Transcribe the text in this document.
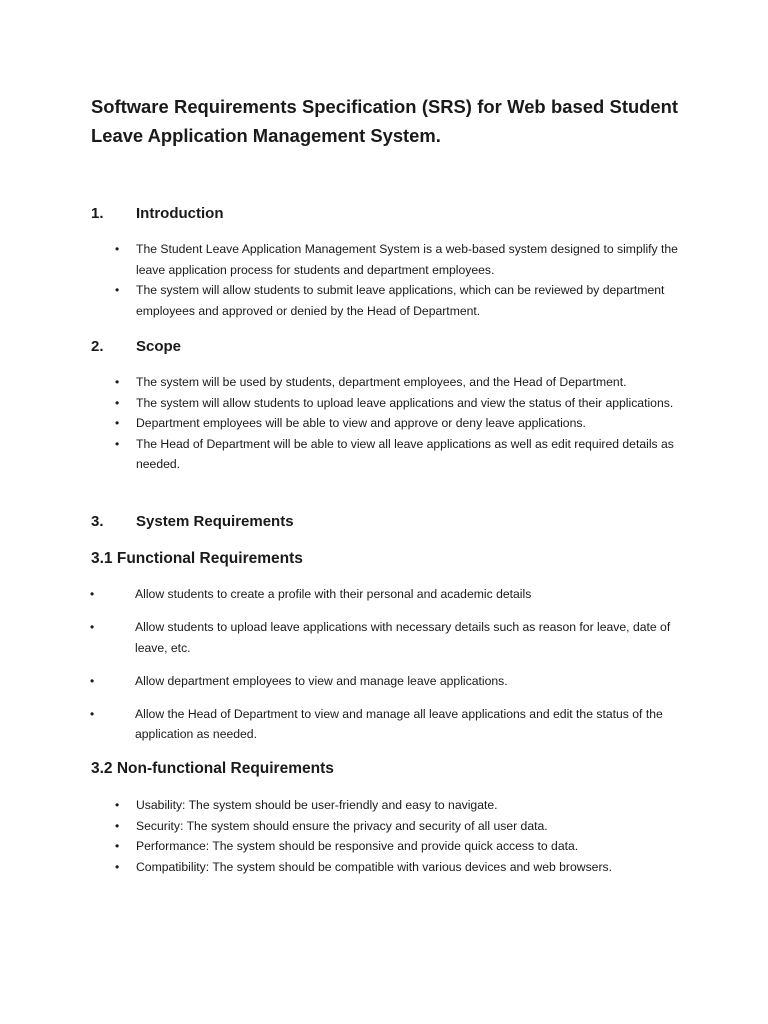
Software Requirements Specification (SRS) for Web based Student Leave Application Management System.
1. Introduction
• The Student Leave Application Management System is a web-based system designed to simplify the leave application process for students and department employees.
• The system will allow students to submit leave applications, which can be reviewed by department employees and approved or denied by the Head of Department.
2. Scope
• The system will be used by students, department employees, and the Head of Department.
• The system will allow students to upload leave applications and view the status of their applications.
• Department employees will be able to view and approve or deny leave applications.
• The Head of Department will be able to view all leave applications as well as edit required details as needed.
3. System Requirements
3.1 Functional Requirements
•	Allow students to create a profile with their personal and academic details
•	Allow students to upload leave applications with necessary details such as reason for leave, date of leave, etc.
•	Allow department employees to view and manage leave applications.
•	Allow the Head of Department to view and manage all leave applications and edit the status of the application as needed.
3.2 Non-functional Requirements
• Usability: The system should be user-friendly and easy to navigate.
• Security: The system should ensure the privacy and security of all user data.
• Performance: The system should be responsive and provide quick access to data.
• Compatibility: The system should be compatible with various devices and web browsers.
